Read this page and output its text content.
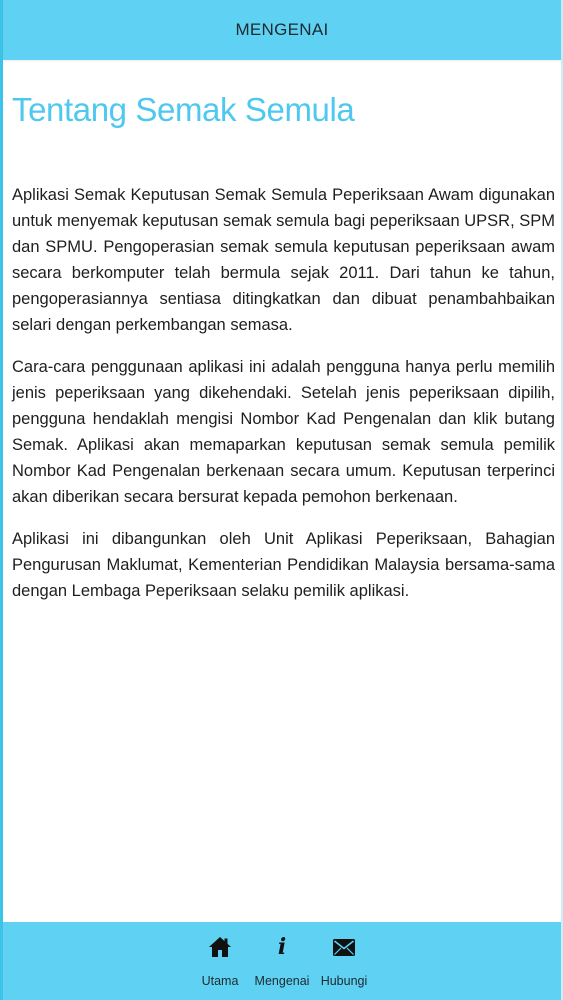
MENGENAI
Tentang Semak Semula

Aplikasi Semak Keputusan Semak Semula Peperiksaan Awam digunakan untuk menyemak keputusan semak semula bagi peperiksaan UPSR, SPM dan SPMU. Pengoperasian semak semula keputusan peperiksaan awam secara berkomputer telah bermula sejak 2011. Dari tahun ke tahun, pengoperasiannya sentiasa ditingkatkan dan dibuat penambahbaikan selari dengan perkembangan semasa.

Cara-cara penggunaan aplikasi ini adalah pengguna hanya perlu memilih jenis peperiksaan yang dikehendaki. Setelah jenis peperiksaan dipilih, pengguna hendaklah mengisi Nombor Kad Pengenalan dan klik butang Semak. Aplikasi akan memaparkan keputusan semak semula pemilik Nombor Kad Pengenalan berkenaan secara umum. Keputusan terperinci akan diberikan secara bersurat kepada pemohon berkenaan.

Aplikasi ini dibangunkan oleh Unit Aplikasi Peperiksaan, Bahagian Pengurusan Maklumat, Kementerian Pendidikan Malaysia bersama-sama dengan Lembaga Peperiksaan selaku pemilik aplikasi.

Utama
i
Mengenai Hubungi
